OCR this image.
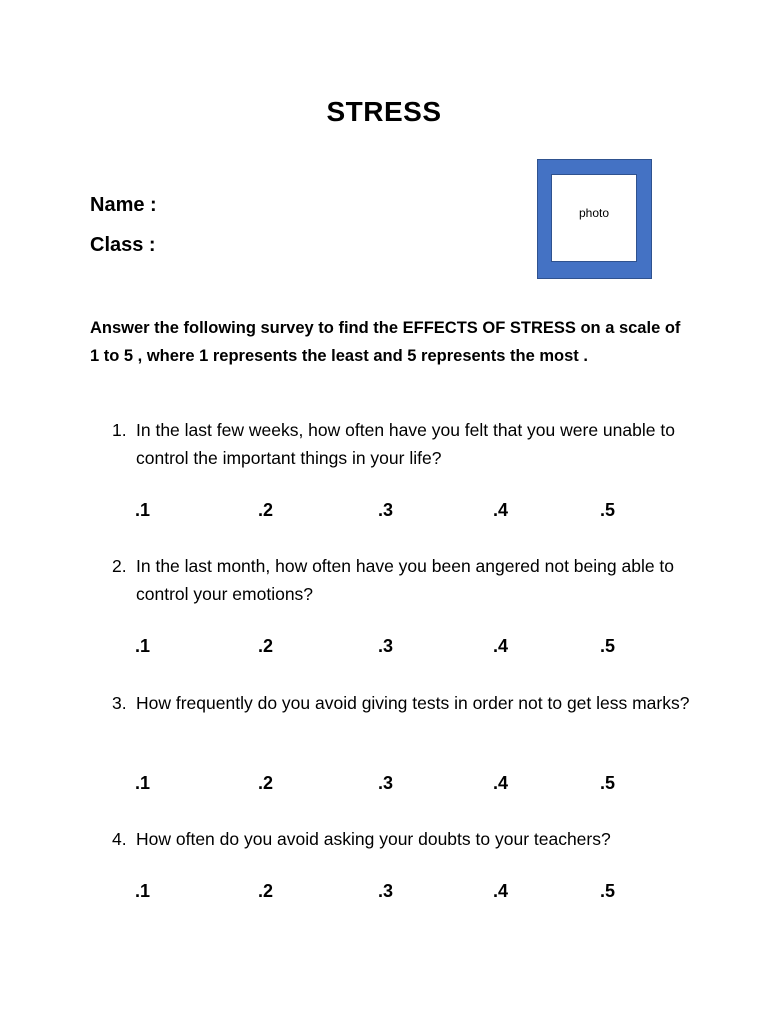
STRESS
Name :
Class :
photo
Answer the following survey to find the EFFECTS OF STRESS on a scale of 1 to 5 , where 1 represents the least and 5 represents the most .
1. In the last few weeks, how often have you felt that you were unable to control the important things in your life?
.1	.2	.3	.4	.5
2. In the last month, how often have you been angered not being able to control your emotions?
.1	.2	.3	.4	.5
3. How frequently do you avoid giving tests in order not to get less marks?
.1	.2	.3	.4	.5
4. How often do you avoid asking your doubts to your teachers?
.1	.2	.3	.4	.5
